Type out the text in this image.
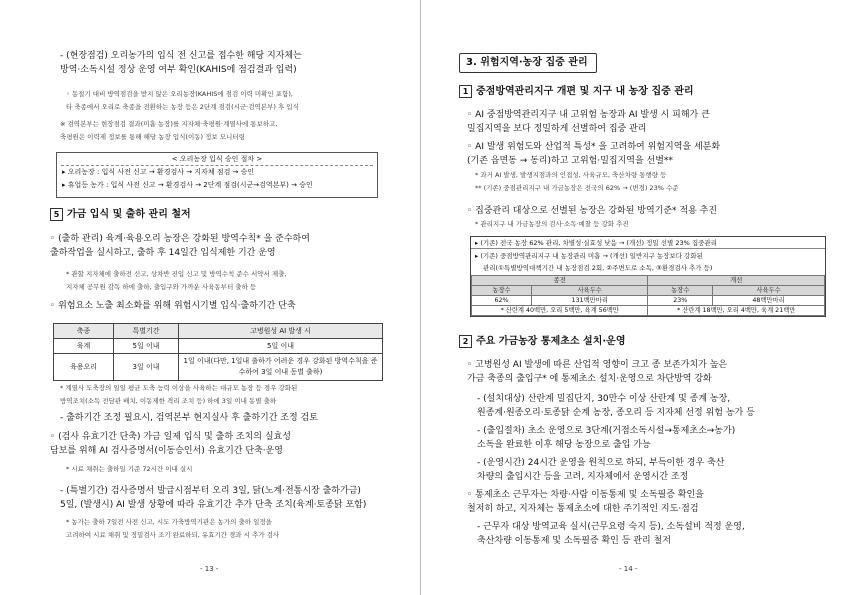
- (현장점검) 오리농가의 입식 전 신고를 접수한 해당 지자체는
방역·소독시설 정상 운영 여부 확인(KAHIS에 점검결과 입력)
◦ 동절기 대비 방역점검을 받지 않은 오리농장(KAHIS에 점검 이력 미확인 포함),
타 축종에서 오리로 축종을 전환하는 농장 등은 2단계 점검(시군·검역본부) 후 입식
※ 검역본부는 현장점검 결과(미흡 농장)를 지자체·축평원·계열사에 통보하고,
축평원은 이력제 정보를 통해 해당 농장 입식(이동) 정보 모니터링
< 오리농장 입식 승인 절차 >
▸ 오리농장 : 입식 사전 신고 → 환경검사 → 지자체 점검 → 승인
▸ 휴업등 농가 : 입식 사전 신고 → 환경검사 → 2단계 점검(시군→검역본부) → 승인
5 가금 입식 및 출하 관리 철저
◦ (출하 관리) 육계·육용오리 농장은 강화된 방역수칙* 을 준수하여
출하작업을 실시하고, 출하 후 14일간 입식제한 기간 운영
* 관할 지자체에 출하전 신고, 상차반 진입 신고 및 방역수칙 준수 서약서 제출,
지자체 공무원 감독 하에 출하, 출입구와 가까운 사육동부터 출하 등
◦ 위험요소 노출 최소화를 위해 위험시기별 입식·출하기간 단축
축종	특별기간	고병원성 AI 발생 시
육계	5일 이내	5일 이내
육용오리	3일 이내	1일 이내(다만, 1일내 출하가 어려운 경우 강화된 방역수칙을 준수하여 3일 이내 동별 출하)
* 계열사 도축장의 일일 평균 도축 능력 이상을 사육하는 대규모 농장 등 경우 강화된
방역조치(소독 전담관 배치, 이동제한 격리 조치 등) 하에 3일 이내 동별 출하
- 출하기간 조정 필요시, 검역본부 현지실사 후 출하기간 조정 검토
◦ (검사 유효기간 단축) 가금 일제 입식 및 출하 조치의 실효성
담보를 위해 AI 검사증명서(이동승인서) 유효기간 단축·운영
* 시료 채취는 출하일 기준 72시간 이내 실시
- (특별기간) 검사증명서 발급시점부터 오리 3일, 닭(노계·전통시장 출하가금)
5일, (발생시) AI 발생 상황에 따라 유효기간 추가 단축 조치(육계·토종닭 포함)
* 농가는 출하 7일전 사전 신고, 시도 가축방역기관은 농가의 출하 일정을
고려하여 시료 채취 및 정밀검사 조기 완료하되, 유효기간 경과 시 추가 검사
- 13 -
3. 위험지역·농장 집중 관리
1 중점방역관리지구 개편 및 지구 내 농장 집중 관리
◦ AI 중점방역관리지구 내 고위험 농장과 AI 발생 시 피해가 큰
밀집지역을 보다 정밀하게 선별하여 집중 관리
◦ AI 발생 위험도와 산업적 특성* 을 고려하여 위험지역을 세분화
(기존 읍면동 → 동리)하고 고위험·밀집지역을 선별**
* 과거 AI 발생, 발생지점과의 인접성, 사육규모, 축산차량 통행량 등
** (기존) 중점관리지구 내 가금농장은 전국의 62% → (변경) 23% 수준
◦ 집중관리 대상으로 선별된 농장은 강화된 방역기준* 적용 추진
* 관리지구 내 가금농장의 검사·소독·예찰 등 강화 추진
▸ (기존) 전국 농장 62% 관리, 차별성·실효성 낮음 → (개선) 정밀 선별 23% 집중관리
▸ (기존) 중점방역관리지구 내 농장관리 미흡 → (개선) 일반지구 농장보다 강화된
관리(①특별방역대책기간 내 농장점검 2회, ②주변도로 소독, ③환경검사 추가 등)
종전		개선	
농장수	사육두수	농장수	사육두수
62%	131백만마리	23%	48백만마리
* 산란계 40백만, 오리 5백만, 육계 56백만		* 산란계 18백만, 오리 4백만, 육계 21백만	
2 주요 가금농장 통제초소 설치·운영
◦ 고병원성 AI 발생에 따른 산업적 영향이 크고 종 보존가치가 높은
가금 축종의 출입구* 에 통제초소 설치·운영으로 차단방역 강화
- (설치대상) 산란계 밀집단지, 30만수 이상 산란계 및 종계 농장,
원종계·원종오리·토종닭 순계 농장, 종오리 등 지자체 선정 위험 농가 등
- (출입절차) 초소 운영으로 3단계(거점소독시설→통제초소→농가)
소독을 완료한 이후 해당 농장으로 출입 가능
- (운영시간) 24시간 운영을 원칙으로 하되, 부득이한 경우 축산
차량의 출입시간 등을 고려, 지자체에서 운영시간 조정
◦ 통제초소 근무자는 차량·사람 이동통제 및 소독필증 확인을
철저히 하고, 지자체는 통제초소에 대한 주기적인 지도·점검
- 근무자 대상 방역교육 실시(근무요령 숙지 등), 소독설비 적정 운영,
축산차량 이동통제 및 소독필증 확인 등 관리 철저
- 14 -
